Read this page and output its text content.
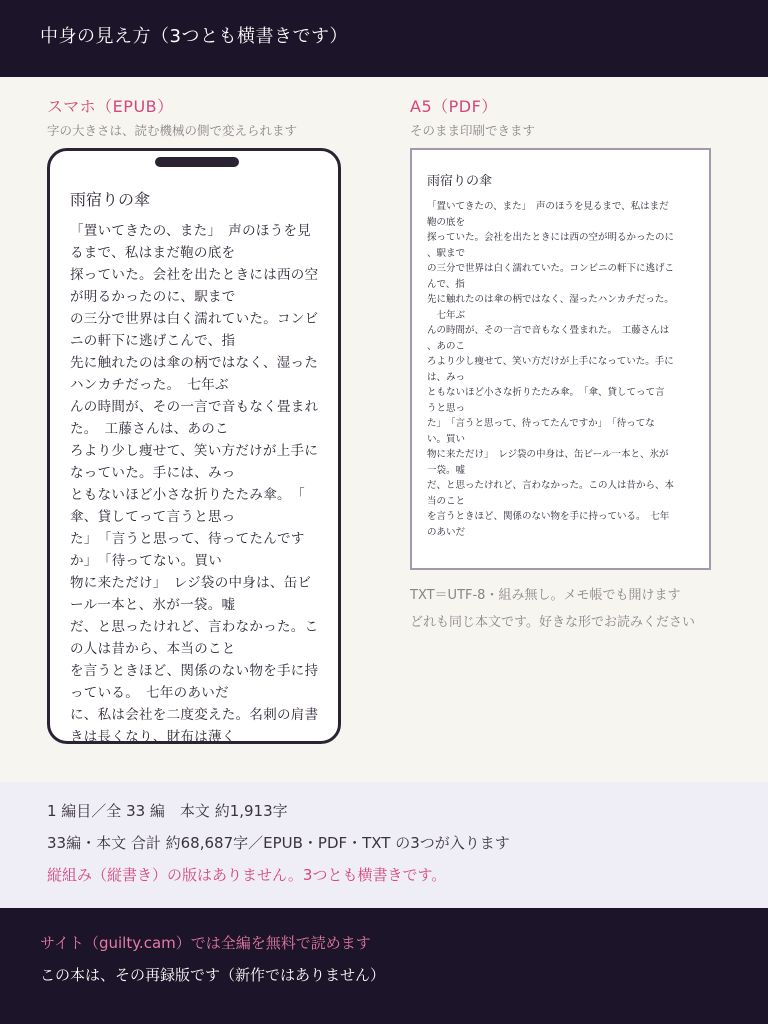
中身の見え方（3つとも横書きです）
スマホ（EPUB）
字の大きさは、読む機械の側で変えられます
A5（PDF）
そのまま印刷できます
雨宿りの傘
「置いてきたの、また」　声のほうを見
るまで、私はまだ鞄の底を
探っていた。会社を出たときには西の空
が明るかったのに、駅まで
の三分で世界は白く濡れていた。コンビ
ニの軒下に逃げこんで、指
先に触れたのは傘の柄ではなく、湿った
ハンカチだった。　七年ぶ
んの時間が、その一言で音もなく畳まれ
た。　工藤さんは、あのこ
ろより少し痩せて、笑い方だけが上手に
なっていた。手には、みっ
ともないほど小さな折りたたみ傘。　「
傘、貸してって言うと思っ
た」　「言うと思って、待ってたんです
か」　「待ってない。買い
物に来ただけ」　レジ袋の中身は、缶ビ
ール一本と、氷が一袋。嘘
だ、と思ったけれど、言わなかった。こ
の人は昔から、本当のこと
を言うときほど、関係のない物を手に持
っている。　七年のあいだ
に、私は会社を二度変えた。名刺の肩書
きは長くなり、財布は薄く
雨宿りの傘
「置いてきたの、また」　声のほうを見るまで、私はまだ
鞄の底を
探っていた。会社を出たときには西の空が明るかったのに
、駅まで
の三分で世界は白く濡れていた。コンビニの軒下に逃げこ
んで、指
先に触れたのは傘の柄ではなく、湿ったハンカチだった。
　七年ぶ
んの時間が、その一言で音もなく畳まれた。　工藤さんは
、あのこ
ろより少し痩せて、笑い方だけが上手になっていた。手に
は、みっ
ともないほど小さな折りたたみ傘。　「傘、貸してって言
うと思っ
た」　「言うと思って、待ってたんですか」　「待ってな
い。買い
物に来ただけ」　レジ袋の中身は、缶ビール一本と、氷が
一袋。嘘
だ、と思ったけれど、言わなかった。この人は昔から、本
当のこと
を言うときほど、関係のない物を手に持っている。　七年
のあいだ
TXT＝UTF-8・組み無し。メモ帳でも開けます
どれも同じ本文です。好きな形でお読みください
1 編目／全 33 編　本文 約1,913字
33編・本文 合計 約68,687字／EPUB・PDF・TXT の3つが入ります
縦組み（縦書き）の版はありません。3つとも横書きです。
サイト（guilty.cam）では全編を無料で読めます
この本は、その再録版です（新作ではありません）
